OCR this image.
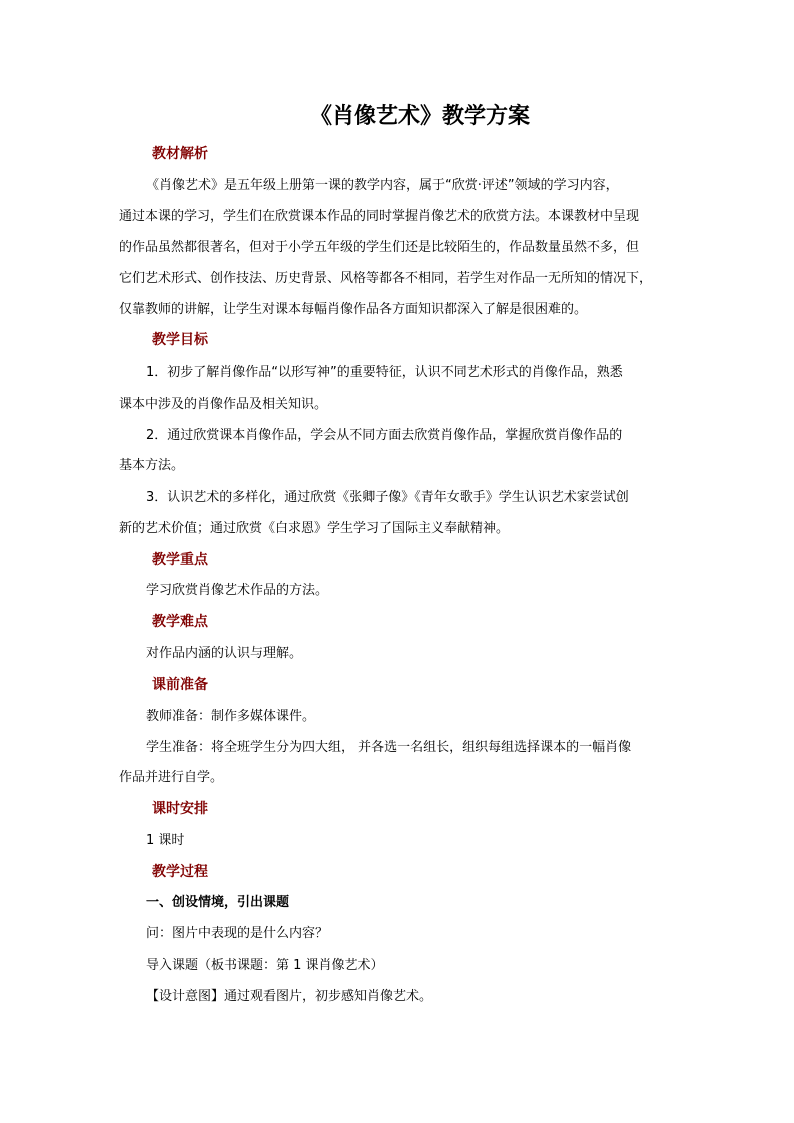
《肖像艺术》教学方案
教材解析
《肖像艺术》是五年级上册第一课的教学内容，属于“欣赏·评述”领域的学习内容，
通过本课的学习，学生们在欣赏课本作品的同时掌握肖像艺术的欣赏方法。本课教材中呈现
的作品虽然都很著名，但对于小学五年级的学生们还是比较陌生的，作品数量虽然不多，但
它们艺术形式、创作技法、历史背景、风格等都各不相同，若学生对作品一无所知的情况下，
仅靠教师的讲解，让学生对课本每幅肖像作品各方面知识都深入了解是很困难的。
教学目标
1．初步了解肖像作品“以形写神”的重要特征，认识不同艺术形式的肖像作品，熟悉
课本中涉及的肖像作品及相关知识。
2．通过欣赏课本肖像作品，学会从不同方面去欣赏肖像作品，掌握欣赏肖像作品的
基本方法。
3．认识艺术的多样化，通过欣赏《张卿子像》《青年女歌手》学生认识艺术家尝试创
新的艺术价值；通过欣赏《白求恩》学生学习了国际主义奉献精神。
教学重点
学习欣赏肖像艺术作品的方法。
教学难点
对作品内涵的认识与理解。
课前准备
教师准备：制作多媒体课件。
学生准备：将全班学生分为四大组， 并各选一名组长，组织每组选择课本的一幅肖像
作品并进行自学。
课时安排
1 课时
教学过程
一、创设情境，引出课题
问：图片中表现的是什么内容？
导入课题（板书课题：第 1 课肖像艺术）
【设计意图】通过观看图片，初步感知肖像艺术。
